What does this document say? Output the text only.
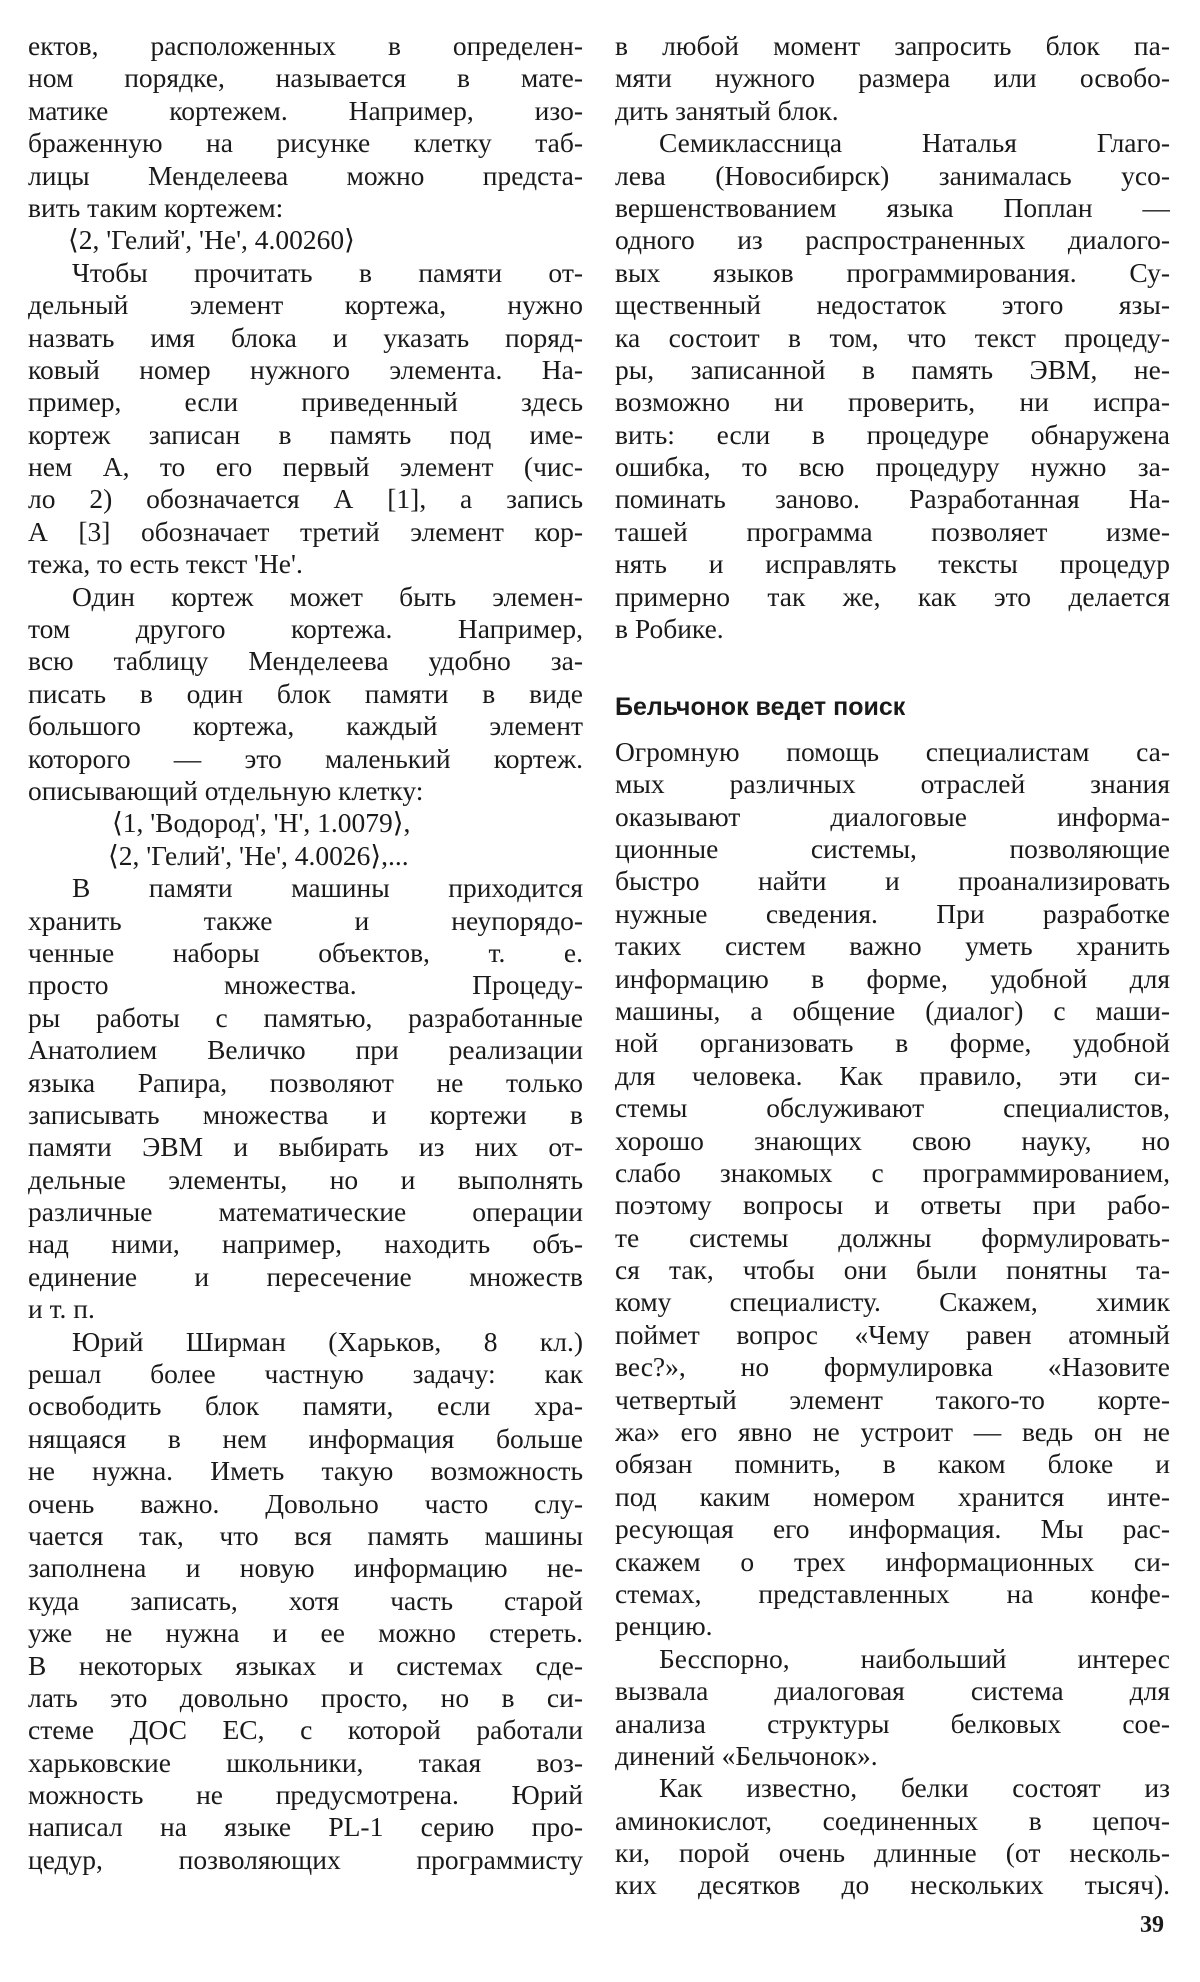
ектов, расположенных в определен-
ном порядке, называется в мате-
матике кортежем. Например, изо-
браженную на рисунке клетку таб-
лицы Менделеева можно предста-
вить таким кортежем:
⟨2, 'Гелий', 'Не', 4.00260⟩
Чтобы прочитать в памяти от-
дельный элемент кортежа, нужно
назвать имя блока и указать поряд-
ковый номер нужного элемента. На-
пример, если приведенный здесь
кортеж записан в память под име-
нем А, то его первый элемент (чис-
ло 2) обозначается А [1], а запись
А [3] обозначает третий элемент кор-
тежа, то есть текст 'Не'.
Один кортеж может быть элемен-
том другого кортежа. Например,
всю таблицу Менделеева удобно за-
писать в один блок памяти в виде
большого кортежа, каждый элемент
которого — это маленький кортеж.
описывающий отдельную клетку:
⟨1, 'Водород', 'Н', 1.0079⟩,
⟨2, 'Гелий', 'Не', 4.0026⟩,...
В памяти машины приходится
хранить также и неупорядо-
ченные наборы объектов, т. е.
просто множества. Процеду-
ры работы с памятью, разработанные
Анатолием Величко при реализации
языка Рапира, позволяют не только
записывать множества и кортежи в
памяти ЭВМ и выбирать из них от-
дельные элементы, но и выполнять
различные математические операции
над ними, например, находить объ-
единение и пересечение множеств
и т. п.
Юрий Ширман (Харьков, 8 кл.)
решал более частную задачу: как
освободить блок памяти, если хра-
нящаяся в нем информация больше
не нужна. Иметь такую возможность
очень важно. Довольно часто слу-
чается так, что вся память машины
заполнена и новую информацию не-
куда записать, хотя часть старой
уже не нужна и ее можно стереть.
В некоторых языках и системах сде-
лать это довольно просто, но в си-
стеме ДОС ЕС, с которой работали
харьковские школьники, такая воз-
можность не предусмотрена. Юрий
написал на языке PL-1 серию про-
цедур, позволяющих программисту
в любой момент запросить блок па-
мяти нужного размера или освобо-
дить занятый блок.
Семиклассница Наталья Глаго-
лева (Новосибирск) занималась усо-
вершенствованием языка Поплан —
одного из распространенных диалого-
вых языков программирования. Су-
щественный недостаток этого язы-
ка состоит в том, что текст процеду-
ры, записанной в память ЭВМ, не-
возможно ни проверить, ни испра-
вить: если в процедуре обнаружена
ошибка, то всю процедуру нужно за-
поминать заново. Разработанная На-
ташей программа позволяет изме-
нять и исправлять тексты процедур
примерно так же, как это делается
в Робике.
Бельчонок ведет поиск
Огромную помощь специалистам са-
мых различных отраслей знания
оказывают диалоговые информа-
ционные системы, позволяющие
быстро найти и проанализировать
нужные сведения. При разработке
таких систем важно уметь хранить
информацию в форме, удобной для
машины, а общение (диалог) с маши-
ной организовать в форме, удобной
для человека. Как правило, эти си-
стемы обслуживают специалистов,
хорошо знающих свою науку, но
слабо знакомых с программированием,
поэтому вопросы и ответы при рабо-
те системы должны формулировать-
ся так, чтобы они были понятны та-
кому специалисту. Скажем, химик
поймет вопрос «Чему равен атомный
вес?», но формулировка «Назовите
четвертый элемент такого-то корте-
жа» его явно не устроит — ведь он не
обязан помнить, в каком блоке и
под каким номером хранится инте-
ресующая его информация. Мы рас-
скажем о трех информационных си-
стемах, представленных на конфе-
ренцию.
Бесспорно, наибольший интерес
вызвала диалоговая система для
анализа структуры белковых сое-
динений «Бельчонок».
Как известно, белки состоят из
аминокислот, соединенных в цепоч-
ки, порой очень длинные (от несколь-
ких десятков до нескольких тысяч).
39
